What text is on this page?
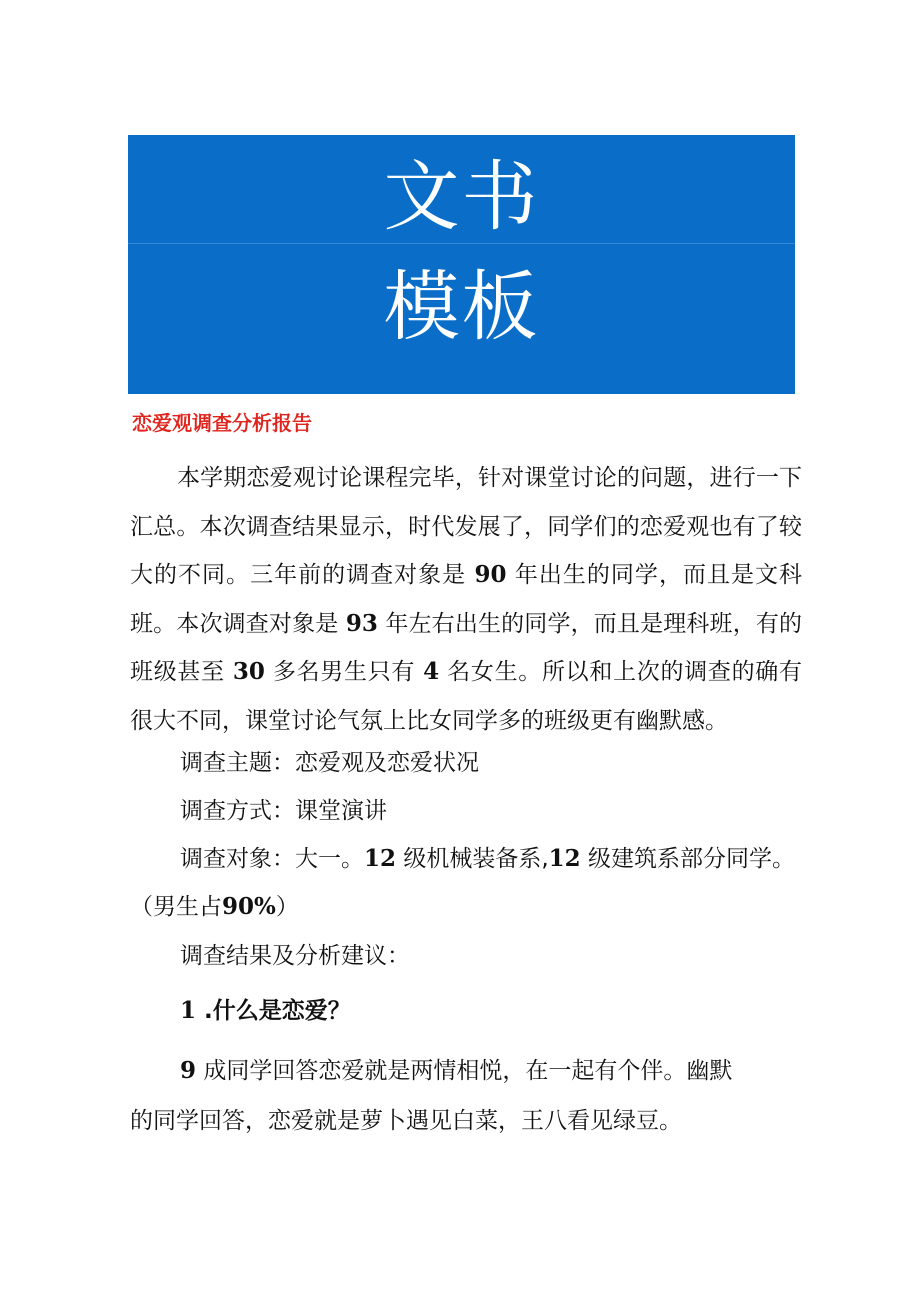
文书
模板
恋爱观调查分析报告

本学期恋爱观讨论课程完毕，针对课堂讨论的问题，进行一下汇总。本次调查结果显示，时代发展了，同学们的恋爱观也有了较大的不同。三年前的调查对象是 90 年出生的同学，而且是文科班。本次调查对象是 93 年左右出生的同学，而且是理科班，有的班级甚至 30 多名男生只有 4 名女生。所以和上次的调查的确有很大不同，课堂讨论气氛上比女同学多的班级更有幽默感。

调查主题：恋爱观及恋爱状况
调查方式：课堂演讲
调查对象：大一。12 级机械装备系,12 级建筑系部分同学。
（男生占90%）
调查结果及分析建议：
1 .什么是恋爱？
9 成同学回答恋爱就是两情相悦，在一起有个伴。幽默
的同学回答，恋爱就是萝卜遇见白菜，王八看见绿豆。
